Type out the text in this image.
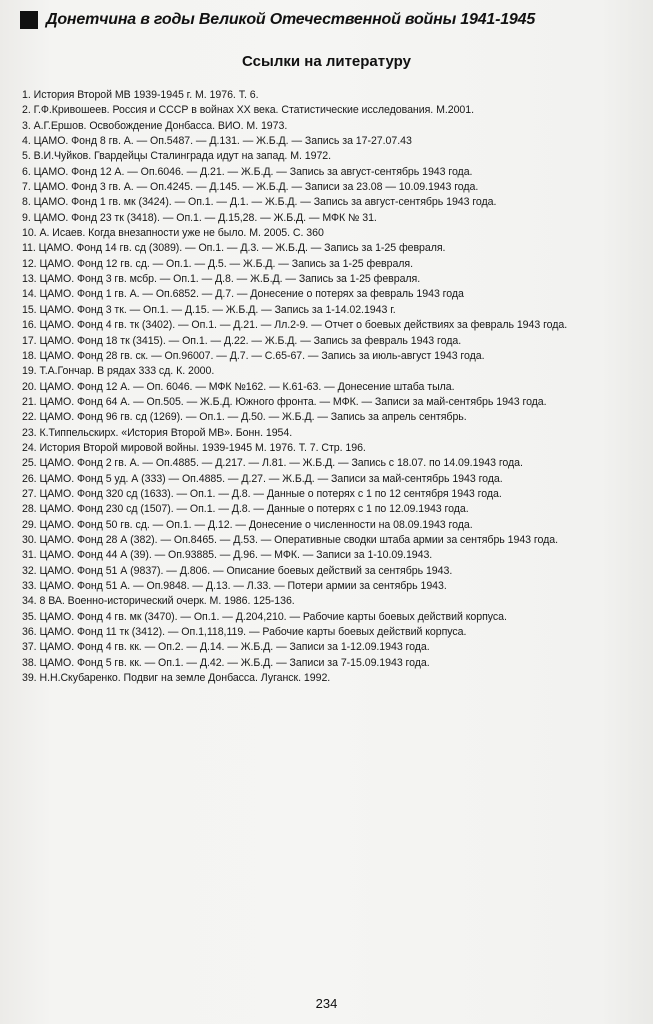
Донетчина в годы Великой Отечественной войны 1941-1945
Ссылки на литературу
1. История Второй МВ 1939-1945 г. М. 1976. Т. 6.
2. Г.Ф.Кривошеев. Россия и СССР в войнах XX века. Статистические исследования. М.2001.
3. А.Г.Ершов. Освобождение Донбасса. ВИО. М. 1973.
4. ЦАМО. Фонд 8 гв. А. — Оп.5487. — Д.131. — Ж.Б.Д. — Запись за 17-27.07.43
5. В.И.Чуйков. Гвардейцы Сталинграда идут на запад. М. 1972.
6. ЦАМО. Фонд 12 А. — Оп.6046. — Д.21. — Ж.Б.Д. — Запись за август-сентябрь 1943 года.
7. ЦАМО. Фонд 3 гв. А. — Оп.4245. — Д.145. — Ж.Б.Д. — Записи за 23.08 — 10.09.1943 года.
8. ЦАМО. Фонд 1 гв. мк (3424). — Оп.1. — Д.1. — Ж.Б.Д. — Запись за август-сентябрь 1943 года.
9. ЦАМО. Фонд 23 тк (3418). — Оп.1. — Д.15,28. — Ж.Б.Д. — МФК № 31.
10. А. Исаев. Когда внезапности уже не было. М. 2005. С. 360
11. ЦАМО. Фонд 14 гв. сд (3089). — Оп.1. — Д.3. — Ж.Б.Д. — Запись за 1-25 февраля.
12. ЦАМО. Фонд 12 гв. сд. — Оп.1. — Д.5. — Ж.Б.Д. — Запись за 1-25 февраля.
13. ЦАМО. Фонд 3 гв. мсбр. — Оп.1. — Д.8. — Ж.Б.Д. — Запись за 1-25 февраля.
14. ЦАМО. Фонд 1 гв. А. — Оп.6852. — Д.7. — Донесение о потерях за февраль 1943 года
15. ЦАМО. Фонд 3 тк. — Оп.1. — Д.15. — Ж.Б.Д. — Запись за 1-14.02.1943 г.
16. ЦАМО. Фонд 4 гв. тк (3402). — Оп.1. — Д.21. — Лл.2-9. — Отчет о боевых действиях за февраль 1943 года.
17. ЦАМО. Фонд 18 тк (3415). — Оп.1. — Д.22. — Ж.Б.Д. — Запись за февраль 1943 года.
18. ЦАМО. Фонд 28 гв. ск. — Оп.96007. — Д.7. — С.65-67. — Запись за июль-август 1943 года.
19. Т.А.Гончар. В рядах 333 сд. К. 2000.
20. ЦАМО. Фонд 12 А. — Оп. 6046. — МФК №162. — К.61-63. — Донесение штаба тыла.
21. ЦАМО. Фонд 64 А. — Оп.505. — Ж.Б.Д. Южного фронта. — МФК. — Записи за май-сентябрь 1943 года.
22. ЦАМО. Фонд 96 гв. сд (1269). — Оп.1. — Д.50. — Ж.Б.Д. — Запись за апрель сентябрь.
23. К.Типпельскирх. «История Второй МВ». Бонн. 1954.
24. История Второй мировой войны. 1939-1945 М. 1976. Т. 7. Стр. 196.
25. ЦАМО. Фонд 2 гв. А. — Оп.4885. — Д.217. — Л.81. — Ж.Б.Д. — Запись с 18.07. по 14.09.1943 года.
26. ЦАМО. Фонд 5 уд. А (333) — Оп.4885. — Д.27. — Ж.Б.Д. — Записи за май-сентябрь 1943 года.
27. ЦАМО. Фонд 320 сд (1633). — Оп.1. — Д.8. — Данные о потерях с 1 по 12 сентября 1943 года.
28. ЦАМО. Фонд 230 сд (1507). — Оп.1. — Д.8. — Данные о потерях с 1 по 12.09.1943 года.
29. ЦАМО. Фонд 50 гв. сд. — Оп.1. — Д.12. — Донесение о численности на 08.09.1943 года.
30. ЦАМО. Фонд 28 А (382). — Оп.8465. — Д.53. — Оперативные сводки штаба армии за сентябрь 1943 года.
31. ЦАМО. Фонд 44 А (39). — Оп.93885. — Д.96. — МФК. — Записи за 1-10.09.1943.
32. ЦАМО. Фонд 51 А (9837). — Д.806. — Описание боевых действий за сентябрь 1943.
33. ЦАМО. Фонд 51 А. — Оп.9848. — Д.13. — Л.33. — Потери армии за сентябрь 1943.
34. 8 ВА. Военно-исторический очерк. М. 1986. 125-136.
35. ЦАМО. Фонд 4 гв. мк (3470). — Оп.1. — Д.204,210. — Рабочие карты боевых действий корпуса.
36. ЦАМО. Фонд 11 тк (3412). — Оп.1,118,119. — Рабочие карты боевых действий корпуса.
37. ЦАМО. Фонд 4 гв. кк. — Оп.2. — Д.14. — Ж.Б.Д. — Записи за 1-12.09.1943 года.
38. ЦАМО. Фонд 5 гв. кк. — Оп.1. — Д.42. — Ж.Б.Д. — Записи за 7-15.09.1943 года.
39. Н.Н.Скубаренко. Подвиг на земле Донбасса. Луганск. 1992.
234
